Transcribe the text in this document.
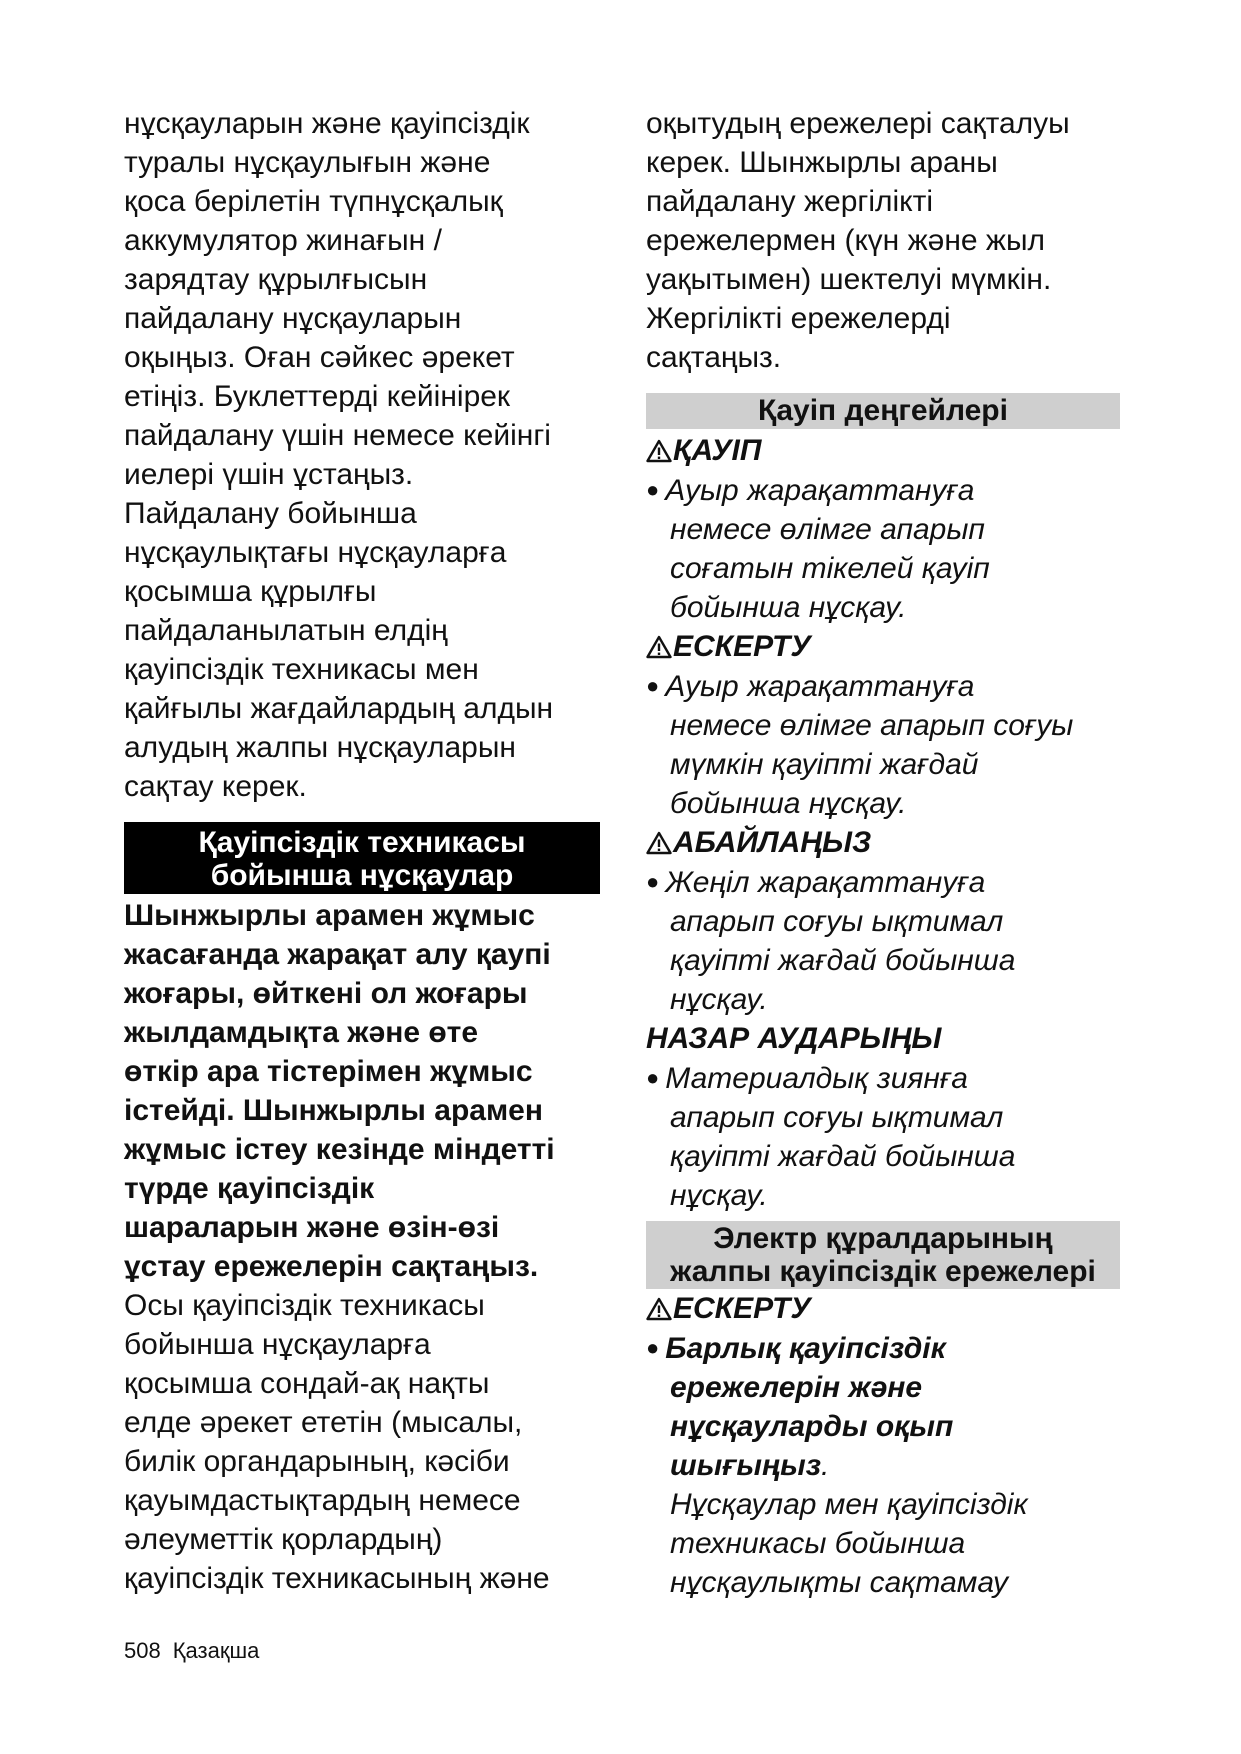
нұсқауларын және қауіпсіздік

туралы нұсқаулығын және

қоса берілетін түпнұсқалық

аккумулятор жинағын /

зарядтау құрылғысын

пайдалану нұсқауларын

оқыңыз. Оған сәйкес әрекет

етіңіз. Буклеттерді кейінірек

пайдалану үшін немесе кейінгі

иелері үшін ұстаңыз.

Пайдалану бойынша

нұсқаулықтағы нұсқауларға

қосымша құрылғы

пайдаланылатын елдің

қауіпсіздік техникасы мен

қайғылы жағдайлардың алдын

алудың жалпы нұсқауларын

сақтау керек.

Қауіпсіздік техникасы
бойынша нұсқаулар

Шынжырлы арамен жұмыс

жасағанда жарақат алу қаупі

жоғары, өйткені ол жоғары

жылдамдықта және өте

өткір ара тістерімен жұмыс

істейді. Шынжырлы арамен

жұмыс істеу кезінде міндетті

түрде қауіпсіздік

шараларын және өзін-өзі

ұстау ережелерін сақтаңыз.

Осы қауіпсіздік техникасы

бойынша нұсқауларға

қосымша сондай-ақ нақты

елде әрекет ететін (мысалы,

билік органдарының, кәсіби

қауымдастықтардың немесе

әлеуметтік қорлардың)

қауіпсіздік техникасының және

оқытудың ережелері сақталуы

керек. Шынжырлы араны

пайдалану жергілікті

ережелермен (күн және жыл

уақытымен) шектелуі мүмкін.

Жергілікті ережелерді

сақтаңыз.

Қауіп деңгейлері
ҚАУІП
● Ауыр жарақаттануға
немесе өлімге апарып
соғатын тікелей қауіп
бойынша нұсқау.
ЕСКЕРТУ
● Ауыр жарақаттануға
немесе өлімге апарып соғуы
мүмкін қауіпті жағдай
бойынша нұсқау.
АБАЙЛАҢЫЗ
● Жеңіл жарақаттануға
апарып соғуы ықтимал
қауіпті жағдай бойынша
нұсқау.
НАЗАР АУДАРЫҢЫ
● Материалдық зиянға
апарып соғуы ықтимал
қауіпті жағдай бойынша
нұсқау.
Электр құралдарының
жалпы қауіпсіздік ережелері
ЕСКЕРТУ
● Барлық қауіпсіздік
ережелерін және
нұсқауларды оқып
шығыңыз.
Нұсқаулар мен қауіпсіздік
техникасы бойынша
нұсқаулықты сақтамау
508 Қазақша
